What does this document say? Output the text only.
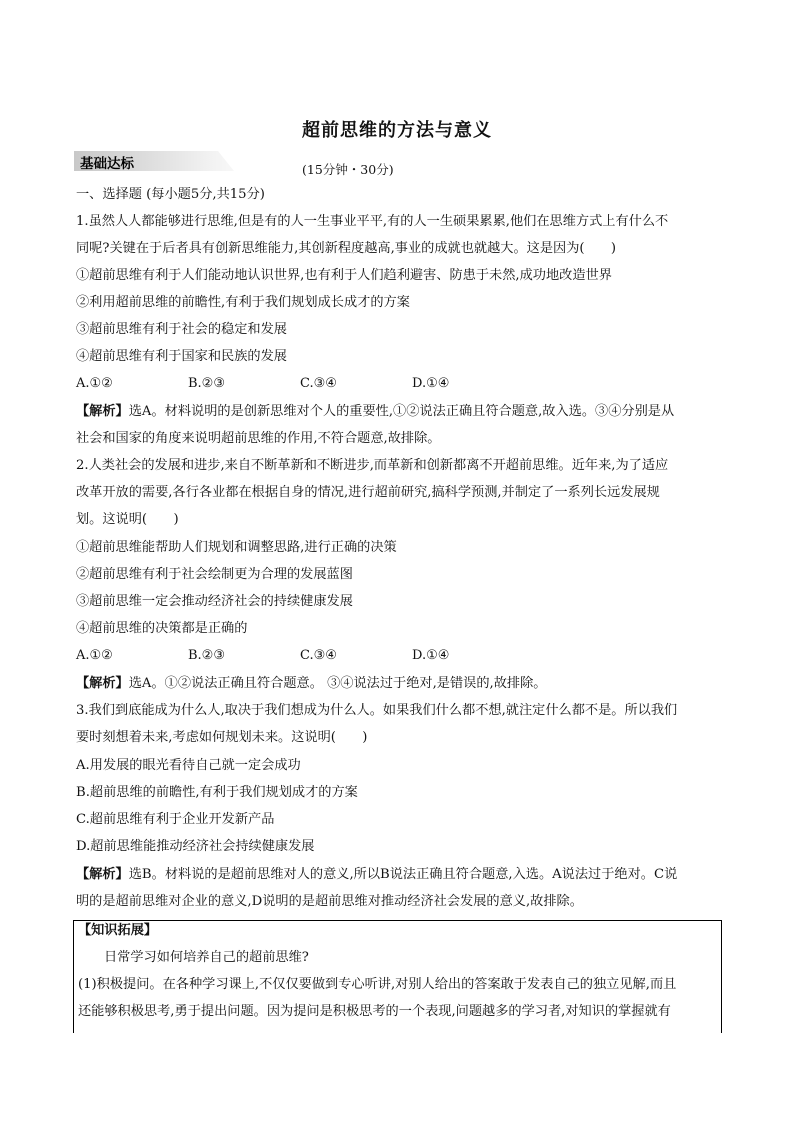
超前思维的方法与意义
基础达标	(15分钟・30分)
一、选择题 (每小题5分,共15分)
1.虽然人人都能够进行思维,但是有的人一生事业平平,有的人一生硕果累累,他们在思维方式上有什么不
同呢?关键在于后者具有创新思维能力,其创新程度越高,事业的成就也就越大。这是因为(　　)
①超前思维有利于人们能动地认识世界,也有利于人们趋利避害、防患于未然,成功地改造世界
②利用超前思维的前瞻性,有利于我们规划成长成才的方案
③超前思维有利于社会的稳定和发展
④超前思维有利于国家和民族的发展
A.①②	B.②③	C.③④	D.①④
【解析】选A。材料说明的是创新思维对个人的重要性,①②说法正确且符合题意,故入选。③④分别是从
社会和国家的角度来说明超前思维的作用,不符合题意,故排除。
2.人类社会的发展和进步,来自不断革新和不断进步,而革新和创新都离不开超前思维。近年来,为了适应
改革开放的需要,各行各业都在根据自身的情况,进行超前研究,搞科学预测,并制定了一系列长远发展规
划。这说明(　　)
①超前思维能帮助人们规划和调整思路,进行正确的决策
②超前思维有利于社会绘制更为合理的发展蓝图
③超前思维一定会推动经济社会的持续健康发展
④超前思维的决策都是正确的
A.①②	B.②③	C.③④	D.①④
【解析】选A。①②说法正确且符合题意。 ③④说法过于绝对,是错误的,故排除。
3.我们到底能成为什么人,取决于我们想成为什么人。如果我们什么都不想,就注定什么都不是。所以我们
要时刻想着未来,考虑如何规划未来。这说明(　　)
A.用发展的眼光看待自己就一定会成功
B.超前思维的前瞻性,有利于我们规划成才的方案
C.超前思维有利于企业开发新产品
D.超前思维能推动经济社会持续健康发展
【解析】选B。材料说的是超前思维对人的意义,所以B说法正确且符合题意,入选。A说法过于绝对。C说
明的是超前思维对企业的意义,D说明的是超前思维对推动经济社会发展的意义,故排除。
【知识拓展】
日常学习如何培养自己的超前思维?
(1)积极提问。在各种学习课上,不仅仅要做到专心听讲,对别人给出的答案敢于发表自己的独立见解,而且
还能够积极思考,勇于提出问题。因为提问是积极思考的一个表现,问题越多的学习者,对知识的掌握就有
